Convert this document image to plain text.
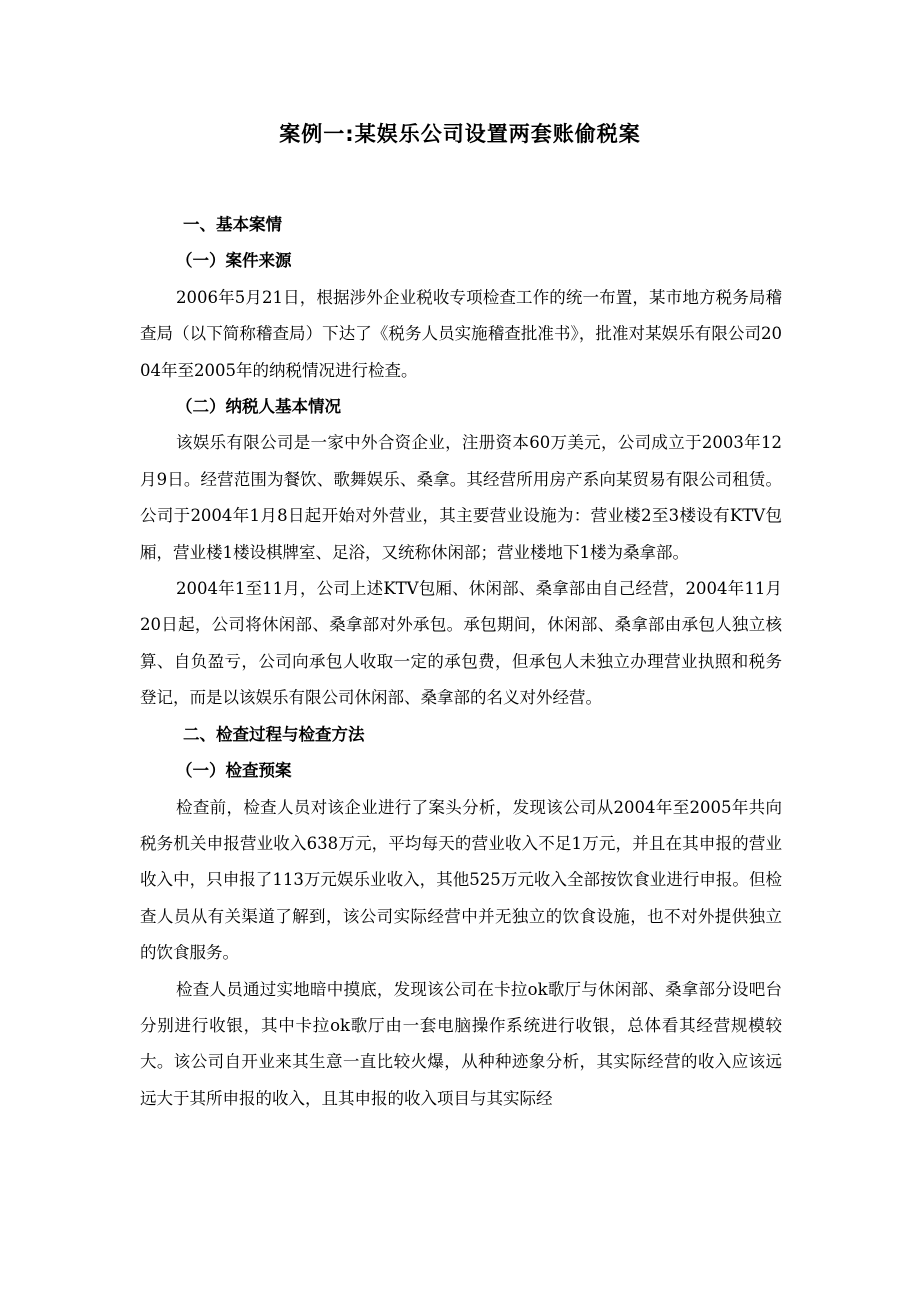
案例一:某娱乐公司设置两套账偷税案

一、基本案情

（一）案件来源

2006年5月21日，根据涉外企业税收专项检查工作的统一布置，某市地方税务局稽查局（以下简称稽查局）下达了《税务人员实施稽查批准书》，批准对某娱乐有限公司2004年至2005年的纳税情况进行检查。

（二）纳税人基本情况

该娱乐有限公司是一家中外合资企业，注册资本60万美元，公司成立于2003年12月9日。经营范围为餐饮、歌舞娱乐、桑拿。其经营所用房产系向某贸易有限公司租赁。公司于2004年1月8日起开始对外营业，其主要营业设施为：营业楼2至3楼设有KTV包厢，营业楼1楼设棋牌室、足浴，又统称休闲部；营业楼地下1楼为桑拿部。

2004年1至11月，公司上述KTV包厢、休闲部、桑拿部由自己经营，2004年11月20日起，公司将休闲部、桑拿部对外承包。承包期间，休闲部、桑拿部由承包人独立核算、自负盈亏，公司向承包人收取一定的承包费，但承包人未独立办理营业执照和税务登记，而是以该娱乐有限公司休闲部、桑拿部的名义对外经营。

二、检查过程与检查方法

（一）检查预案

检查前，检查人员对该企业进行了案头分析，发现该公司从2004年至2005年共向税务机关申报营业收入638万元，平均每天的营业收入不足1万元，并且在其申报的营业收入中，只申报了113万元娱乐业收入，其他525万元收入全部按饮食业进行申报。但检查人员从有关渠道了解到，该公司实际经营中并无独立的饮食设施，也不对外提供独立的饮食服务。

检查人员通过实地暗中摸底，发现该公司在卡拉ok歌厅与休闲部、桑拿部分设吧台分别进行收银，其中卡拉ok歌厅由一套电脑操作系统进行收银，总体看其经营规模较大。该公司自开业来其生意一直比较火爆，从种种迹象分析，其实际经营的收入应该远远大于其所申报的收入，且其申报的收入项目与其实际经
